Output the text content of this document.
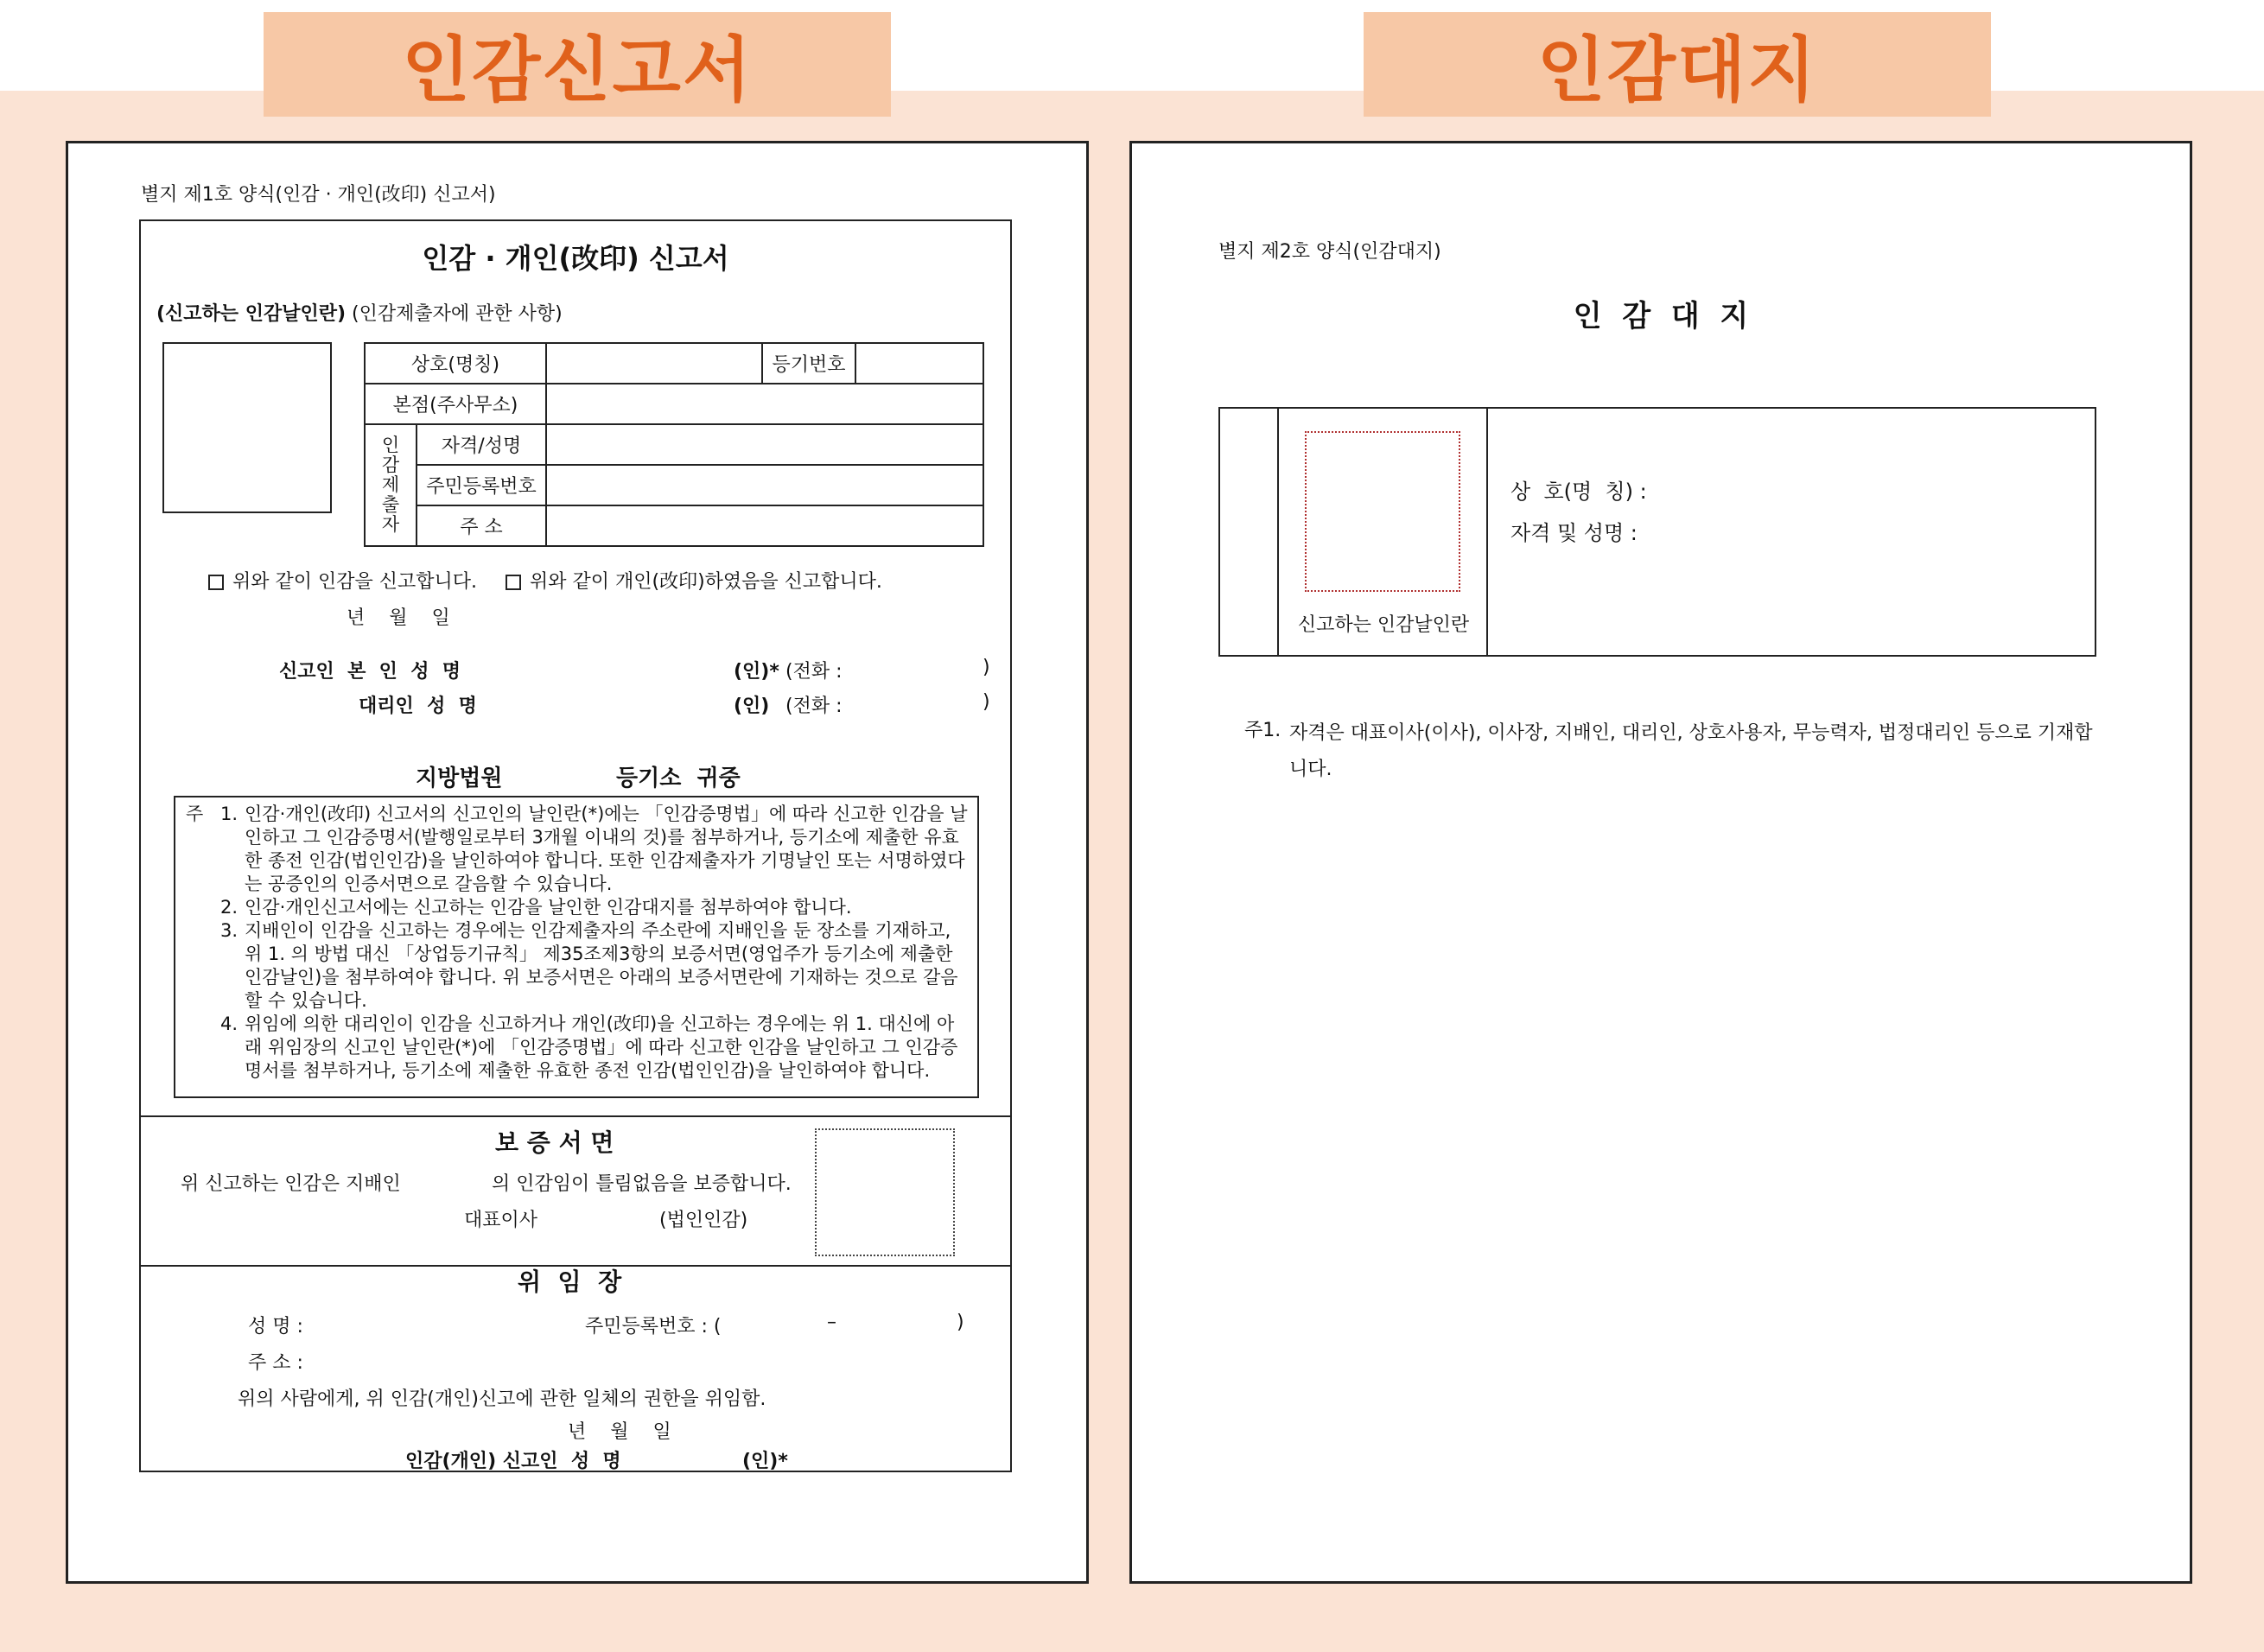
인감신고서	인감대지
별지 제1호 양식(인감 · 개인(改印) 신고서)
인감 · 개인(改印) 신고서
(신고하는 인감날인란) (인감제출자에 관한 사항)
상호(명칭)			등기번호	
본점(주사무소)				

인감제출자	자격/성명			
	주민등록번호			
	주 소			
위와 같이 인감을 신고합니다.	위와 같이 개인(改印)하였음을 신고합니다.
년    월    일
신고인  본  인  성  명	(인)* (전화 :	)
대리인  성  명	(인) (전화 :	)
지방법원	등기소  귀중
주 1. 인감·개인(改印) 신고서의 신고인의 날인란(*)에는 「인감증명법」에 따라 신고한 인감을 날인하고 그 인감증명서(발행일로부터 3개월 이내의 것)를 첨부하거나, 등기소에 제출한 유효한 종전 인감(법인인감)을 날인하여야 합니다. 또한 인감제출자가 기명날인 또는 서명하였다는 공증인의 인증서면으로 갈음할 수 있습니다.
2. 인감·개인신고서에는 신고하는 인감을 날인한 인감대지를 첨부하여야 합니다.
3. 지배인이 인감을 신고하는 경우에는 인감제출자의 주소란에 지배인을 둔 장소를 기재하고, 위 1. 의 방법 대신 「상업등기규칙」 제35조제3항의 보증서면(영업주가 등기소에 제출한 인감날인)을 첨부하여야 합니다. 위 보증서면은 아래의 보증서면란에 기재하는 것으로 갈음할 수 있습니다.
4. 위임에 의한 대리인이 인감을 신고하거나 개인(改印)을 신고하는 경우에는 위 1. 대신에 아래 위임장의 신고인 날인란(*)에 「인감증명법」에 따라 신고한 인감을 날인하고 그 인감증명서를 첨부하거나, 등기소에 제출한 유효한 종전 인감(법인인감)을 날인하여야 합니다.
보 증 서 면
위 신고하는 인감은 지배인	의 인감임이 틀림없음을 보증합니다.
대표이사	(법인인감)
위  임  장
성 명 :	주민등록번호 : (	–	)
주 소 :
위의 사람에게, 위 인감(개인)신고에 관한 일체의 권한을 위임함.
년    월    일
인감(개인) 신고인  성  명	(인)*
별지 제2호 양식(인감대지)
인  감  대  지
신고하는 인감날인란
상  호(명  칭) :
자격 및 성명 :
주1. 자격은 대표이사(이사), 이사장, 지배인, 대리인, 상호사용자, 무능력자, 법정대리인 등으로 기재합니다.
